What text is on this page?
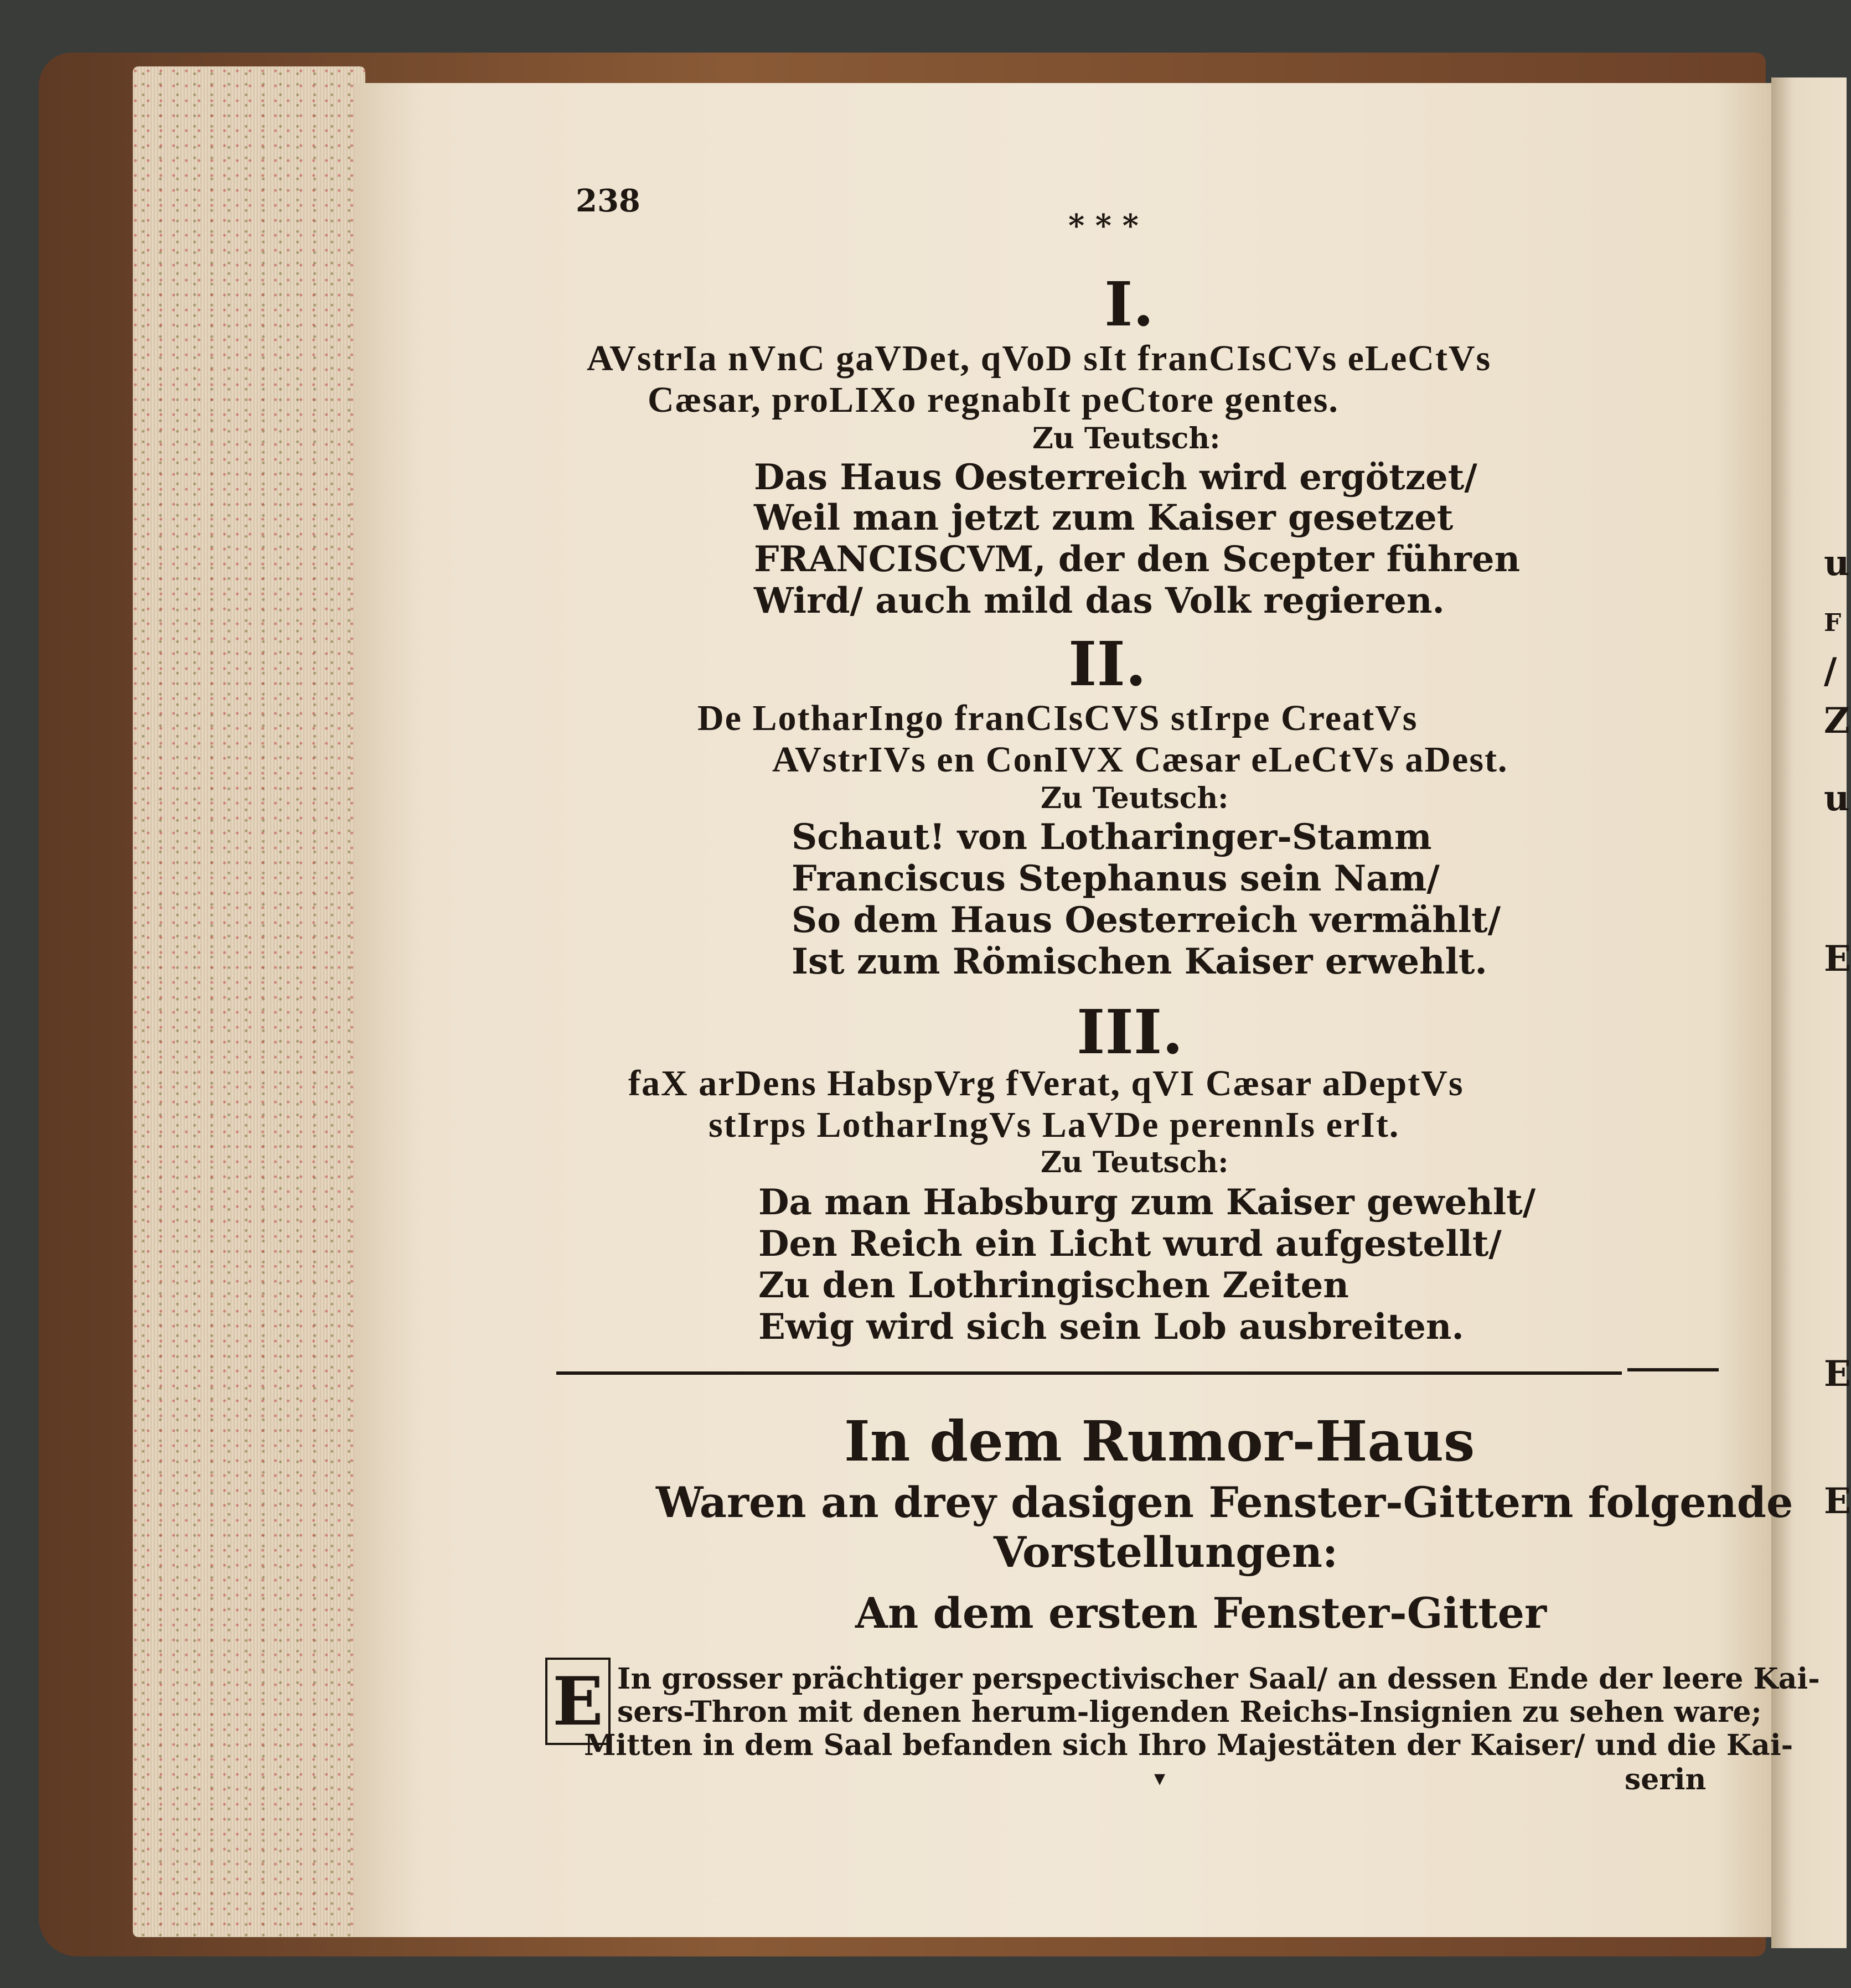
u
F
/
Z
u
E
E
E
238
* * *
I.
AVstrIa nVnC gaVDet, qVoD sIt franCIsCVs eLeCtVs
Cæsar, proLIXo regnabIt peCtore gentes.
Zu Teutsch:
Das Haus Oesterreich wird ergötzet/
Weil man jetzt zum Kaiser gesetzet
FRANCISCVM, der den Scepter führen
Wird/ auch mild das Volk regieren.
II.
De LotharIngo franCIsCVS stIrpe CreatVs
AVstrIVs en ConIVX Cæsar eLeCtVs aDest.
Zu Teutsch:
Schaut! von Lotharinger-Stamm
Franciscus Stephanus sein Nam/
So dem Haus Oesterreich vermählt/
Ist zum Römischen Kaiser erwehlt.
III.
faX arDens HabspVrg fVerat, qVI Cæsar aDeptVs
stIrps LotharIngVs LaVDe perennIs erIt.
Zu Teutsch:
Da man Habsburg zum Kaiser gewehlt/
Den Reich ein Licht wurd aufgestellt/
Zu den Lothringischen Zeiten
Ewig wird sich sein Lob ausbreiten.
In dem Rumor-Haus
Waren an drey dasigen Fenster-Gittern folgende
Vorstellungen:
An dem ersten Fenster-Gitter
E In grosser prächtiger perspectivischer Saal/ an dessen Ende der leere Kai-
sers-Thron mit denen herum-ligenden Reichs-Insignien zu sehen ware;
Mitten in dem Saal befanden sich Ihro Majestäten der Kaiser/ und die Kai-
serin
▾
